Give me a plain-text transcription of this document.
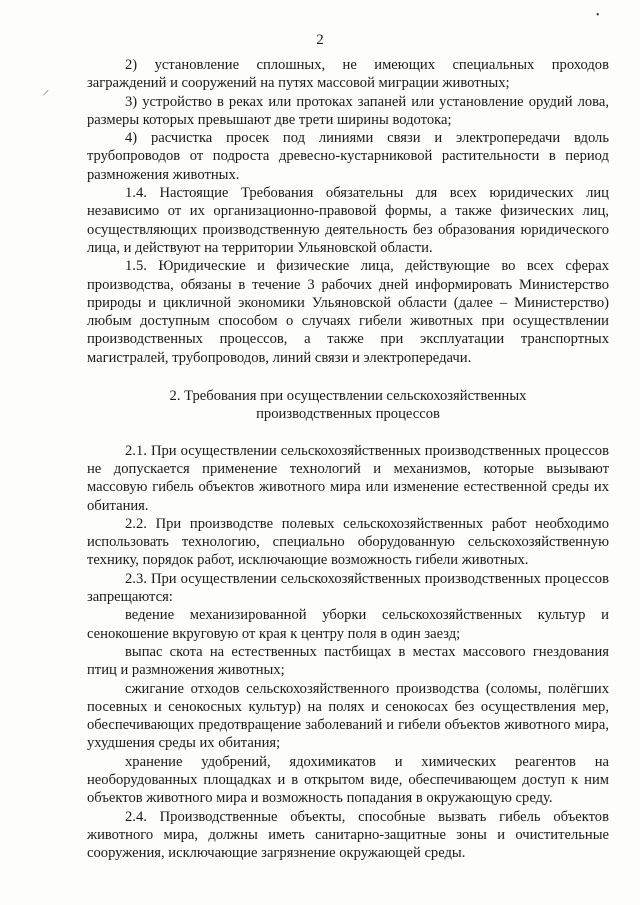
2

2) установление сплошных, не имеющих специальных проходов заграждений и сооружений на путях массовой миграции животных;

3) устройство в реках или протоках запаней или установление орудий лова, размеры которых превышают две трети ширины водотока;

4) расчистка просек под линиями связи и электропередачи вдоль трубопроводов от подроста древесно-кустарниковой растительности в период размножения животных.

1.4. Настоящие Требования обязательны для всех юридических лиц независимо от их организационно-правовой формы, а также физических лиц, осуществляющих производственную деятельность без образования юридического лица, и действуют на территории Ульяновской области.

1.5. Юридические и физические лица, действующие во всех сферах производства, обязаны в течение 3 рабочих дней информировать Министерство природы и цикличной экономики Ульяновской области (далее – Министерство) любым доступным способом о случаях гибели животных при осуществлении производственных процессов, а также при эксплуатации транспортных магистралей, трубопроводов, линий связи и электропередачи.

2. Требования при осуществлении сельскохозяйственных
производственных процессов

2.1. При осуществлении сельскохозяйственных производственных процессов не допускается применение технологий и механизмов, которые вызывают массовую гибель объектов животного мира или изменение естественной среды их обитания.

2.2. При производстве полевых сельскохозяйственных работ необходимо использовать технологию, специально оборудованную сельскохозяйственную технику, порядок работ, исключающие возможность гибели животных.

2.3. При осуществлении сельскохозяйственных производственных процессов запрещаются:

ведение механизированной уборки сельскохозяйственных культур и сенокошение вкруговую от края к центру поля в один заезд;

выпас скота на естественных пастбищах в местах массового гнездования птиц и размножения животных;

сжигание отходов сельскохозяйственного производства (соломы, полёгших посевных и сенокосных культур) на полях и сенокосах без осуществления мер, обеспечивающих предотвращение заболеваний и гибели объектов животного мира, ухудшения среды их обитания;

хранение удобрений, ядохимикатов и химических реагентов на необорудованных площадках и в открытом виде, обеспечивающем доступ к ним объектов животного мира и возможность попадания в окружающую среду.

2.4. Производственные объекты, способные вызвать гибель объектов животного мира, должны иметь санитарно-защитные зоны и очистительные сооружения, исключающие загрязнение окружающей среды.

•
/
